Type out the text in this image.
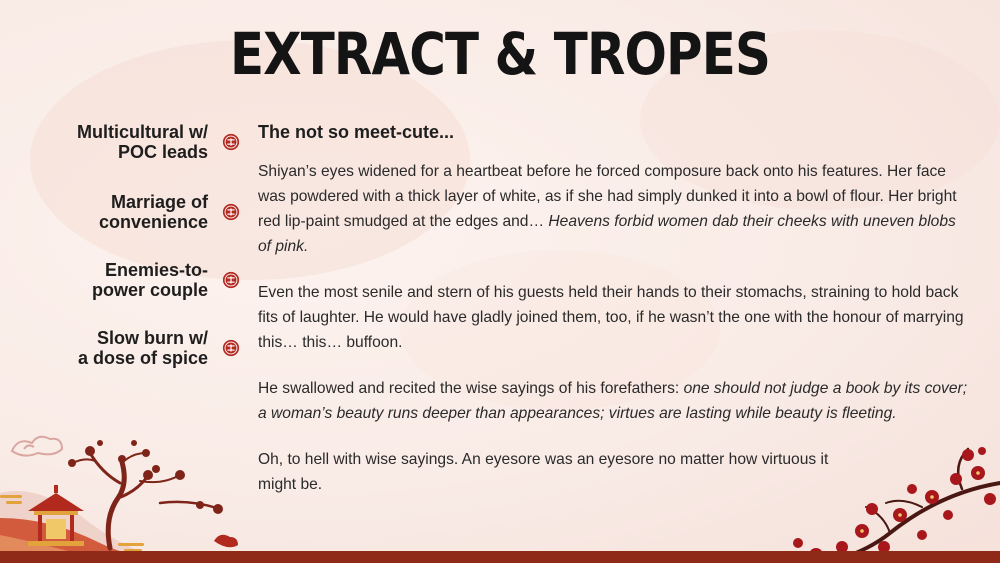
EXTRACT & TROPES
Multicultural w/
POC leads
Marriage of
convenience
Enemies-to-
power couple
Slow burn w/
a dose of spice
The not so meet-cute...

Shiyan’s eyes widened for a heartbeat before he forced composure back onto his features. Her face was powdered with a thick layer of white, as if she had simply dunked it into a bowl of flour. Her bright red lip-paint smudged at the edges and… Heavens forbid women dab their cheeks with uneven blobs of pink.

Even the most senile and stern of his guests held their hands to their stomachs, straining to hold back fits of laughter. He would have gladly joined them, too, if he wasn’t the one with the honour of marrying this… this… buffoon.

He swallowed and recited the wise sayings of his forefathers: one should not judge a book by its cover; a woman’s beauty runs deeper than appearances; virtues are lasting while beauty is fleeting.

Oh, to hell with wise sayings. An eyesore was an eyesore no matter how virtuous it
might be.
